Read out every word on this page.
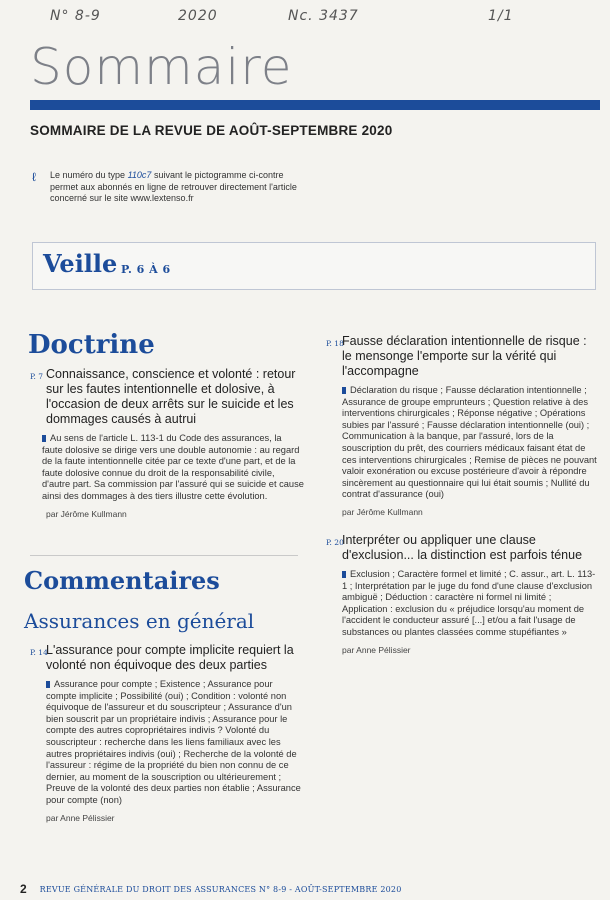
N° 8-9	2020	Nc. 3437	1/1
Sommaire
SOMMAIRE DE LA REVUE DE AOÛT-SEPTEMBRE 2020
ℓ Le numéro du type 110c7 suivant le pictogramme ci-contre permet aux abonnés en ligne de retrouver directement l'article concerné sur le site www.lextenso.fr
Veille P. 6 À 6
Doctrine
P. 7 Connaissance, conscience et volonté : retour sur les fautes intentionnelle et dolosive, à l'occasion de deux arrêts sur le suicide et les dommages causés à autrui
Au sens de l'article L. 113-1 du Code des assurances, la faute dolosive se dirige vers une double autonomie : au regard de la faute intentionnelle citée par ce texte d'une part, et de la faute dolosive connue du droit de la responsabilité civile, d'autre part. Sa commission par l'assuré qui se suicide et cause ainsi des dommages à des tiers illustre cette évolution.
par Jérôme Kullmann
Commentaires
Assurances en général
P. 14
L'assurance pour compte implicite requiert la volonté non équivoque des deux parties
Assurance pour compte ; Existence ; Assurance pour compte implicite ; Possibilité (oui) ; Condition : volonté non équivoque de l'assureur et du souscripteur ; Assurance d'un bien souscrit par un propriétaire indivis ; Assurance pour le compte des autres copropriétaires indivis ? Volonté du souscripteur : recherche dans les liens familiaux avec les autres propriétaires indivis (oui) ; Recherche de la volonté de l'assureur : régime de la propriété du bien non connu de ce dernier, au moment de la souscription ou ultérieurement ; Preuve de la volonté des deux parties non établie ; Assurance pour compte (non)
par Anne Pélissier
P. 18
Fausse déclaration intentionnelle de risque : le mensonge l'emporte sur la vérité qui l'accompagne
Déclaration du risque ; Fausse déclaration intentionnelle ; Assurance de groupe emprunteurs ; Question relative à des interventions chirurgicales ; Réponse négative ; Opérations subies par l'assuré ; Fausse déclaration intentionnelle (oui) ; Communication à la banque, par l'assuré, lors de la souscription du prêt, des courriers médicaux faisant état de ces interventions chirurgicales ; Remise de pièces ne pouvant valoir exonération ou excuse postérieure d'avoir à répondre sincèrement au questionnaire qui lui était soumis ; Nullité du contrat d'assurance (oui)
par Jérôme Kullmann
P. 20
Interpréter ou appliquer une clause d'exclusion... la distinction est parfois ténue
Exclusion ; Caractère formel et limité ; C. assur., art. L. 113-1 ; Interprétation par le juge du fond d'une clause d'exclusion ambiguë ; Déduction : caractère ni formel ni limité ; Application : exclusion du « préjudice lorsqu'au moment de l'accident le conducteur assuré [...] et/ou a fait l'usage de substances ou plantes classées comme stupéfiantes »
par Anne Pélissier
2 REVUE GÉNÉRALE DU DROIT DES ASSURANCES N° 8-9 - AOÛT-SEPTEMBRE 2020
